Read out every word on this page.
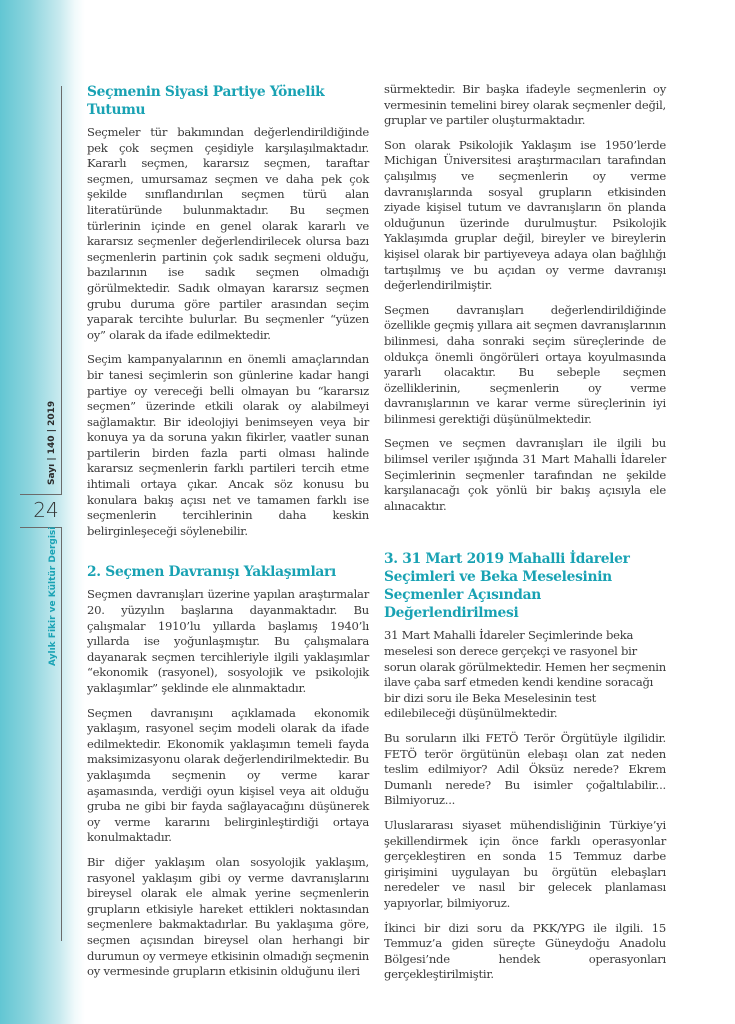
Sayı | 140 | 2019
24
Aylık Fikir ve Kültür Dergisi
Seçmenin Siyasi Partiye Yönelik Tutumu

Seçmeler tür bakımından değerlendirildiğinde pek çok seçmen çeşidiyle karşılaşılmaktadır. Kararlı seçmen, kararsız seçmen, taraftar seçmen, umursamaz seçmen ve daha pek çok şekilde sınıflandırılan seçmen türü alan literatüründe bulunmaktadır. Bu seçmen türlerinin içinde en genel olarak kararlı ve kararsız seçmenler değerlendirilecek olursa bazı seçmenlerin partinin çok sadık seçmeni olduğu, bazılarının ise sadık seçmen olmadığı görülmektedir. Sadık olmayan kararsız seçmen grubu duruma göre partiler arasından seçim yaparak tercihte bulurlar. Bu seçmenler “yüzen oy” olarak da ifade edilmektedir.

Seçim kampanyalarının en önemli amaçlarından bir tanesi seçimlerin son günlerine kadar hangi partiye oy vereceği belli olmayan bu “kararsız seçmen” üzerinde etkili olarak oy alabilmeyi sağlamaktır. Bir ideolojiyi benimseyen veya bir konuya ya da soruna yakın fikirler, vaatler sunan partilerin birden fazla parti olması halinde kararsız seçmenlerin farklı partileri tercih etme ihtimali ortaya çıkar. Ancak söz konusu bu konulara bakış açısı net ve tamamen farklı ise seçmenlerin tercihlerinin daha keskin belirginleşeceği söylenebilir.

2. Seçmen Davranışı Yaklaşımları

Seçmen davranışları üzerine yapılan araştırmalar 20. yüzyılın başlarına dayanmaktadır. Bu çalışmalar 1910’lu yıllarda başlamış 1940’lı yıllarda ise yoğunlaşmıştır. Bu çalışmalara dayanarak seçmen tercihleriyle ilgili yaklaşımlar “ekonomik (rasyonel), sosyolojik ve psikolojik yaklaşımlar” şeklinde ele alınmaktadır.

Seçmen davranışını açıklamada ekonomik yaklaşım, rasyonel seçim modeli olarak da ifade edilmektedir. Ekonomik yaklaşımın temeli fayda maksimizasyonu olarak değerlendirilmektedir. Bu yaklaşımda seçmenin oy verme karar aşamasında, verdiği oyun kişisel veya ait olduğu gruba ne gibi bir fayda sağlayacağını düşünerek oy verme kararını belirginleştirdiği ortaya konulmaktadır.

Bir diğer yaklaşım olan sosyolojik yaklaşım, rasyonel yaklaşım gibi oy verme davranışlarını bireysel olarak ele almak yerine seçmenlerin grupların etkisiyle hareket ettikleri noktasından seçmenlere bakmaktadırlar. Bu yaklaşıma göre, seçmen açısından bireysel olan herhangi bir durumun oy vermeye etkisinin olmadığı seçmenin oy vermesinde grupların etkisinin olduğunu ileri

sürmektedir. Bir başka ifadeyle seçmenlerin oy vermesinin temelini birey olarak seçmenler değil, gruplar ve partiler oluşturmaktadır.

Son olarak Psikolojik Yaklaşım ise 1950’lerde Michigan Üniversitesi araştırmacıları tarafından çalışılmış ve seçmenlerin oy verme davranışlarında sosyal grupların etkisinden ziyade kişisel tutum ve davranışların ön planda olduğunun üzerinde durulmuştur. Psikolojik Yaklaşımda gruplar değil, bireyler ve bireylerin kişisel olarak bir partiyeveya adaya olan bağlılığı tartışılmış ve bu açıdan oy verme davranışı değerlendirilmiştir.

Seçmen davranışları değerlendirildiğinde özellikle geçmiş yıllara ait seçmen davranışlarının bilinmesi, daha sonraki seçim süreçlerinde de oldukça önemli öngörüleri ortaya koyulmasında yararlı olacaktır. Bu sebeple seçmen özelliklerinin, seçmenlerin oy verme davranışlarının ve karar verme süreçlerinin iyi bilinmesi gerektiği düşünülmektedir.

Seçmen ve seçmen davranışları ile ilgili bu bilimsel veriler ışığında 31 Mart Mahalli İdareler Seçimlerinin seçmenler tarafından ne şekilde karşılanacağı çok yönlü bir bakış açısıyla ele alınacaktır.

3. 31 Mart 2019 Mahalli İdareler Seçimleri ve Beka Meselesinin Seçmenler Açısından Değerlendirilmesi

31 Mart Mahalli İdareler Seçimlerinde beka meselesi son derece gerçekçi ve rasyonel bir sorun olarak görülmektedir. Hemen her seçmenin ilave çaba sarf etmeden kendi kendine soracağı bir dizi soru ile Beka Meselesinin test edilebileceği düşünülmektedir.

Bu soruların ilki FETÖ Terör Örgütüyle ilgilidir. FETÖ terör örgütünün elebaşı olan zat neden teslim edilmiyor? Adil Öksüz nerede? Ekrem Dumanlı nerede? Bu isimler çoğaltılabilir... Bilmiyoruz...

Uluslararası siyaset mühendisliğinin Türkiye’yi şekillendirmek için önce farklı operasyonlar gerçekleştiren en sonda 15 Temmuz darbe girişimini uygulayan bu örgütün elebaşları neredeler ve nasıl bir gelecek planlaması yapıyorlar, bilmiyoruz.

İkinci bir dizi soru da PKK/YPG ile ilgili. 15 Temmuz’a giden süreçte Güneydoğu Anadolu Bölgesi’nde hendek operasyonları gerçekleştirilmiştir.
